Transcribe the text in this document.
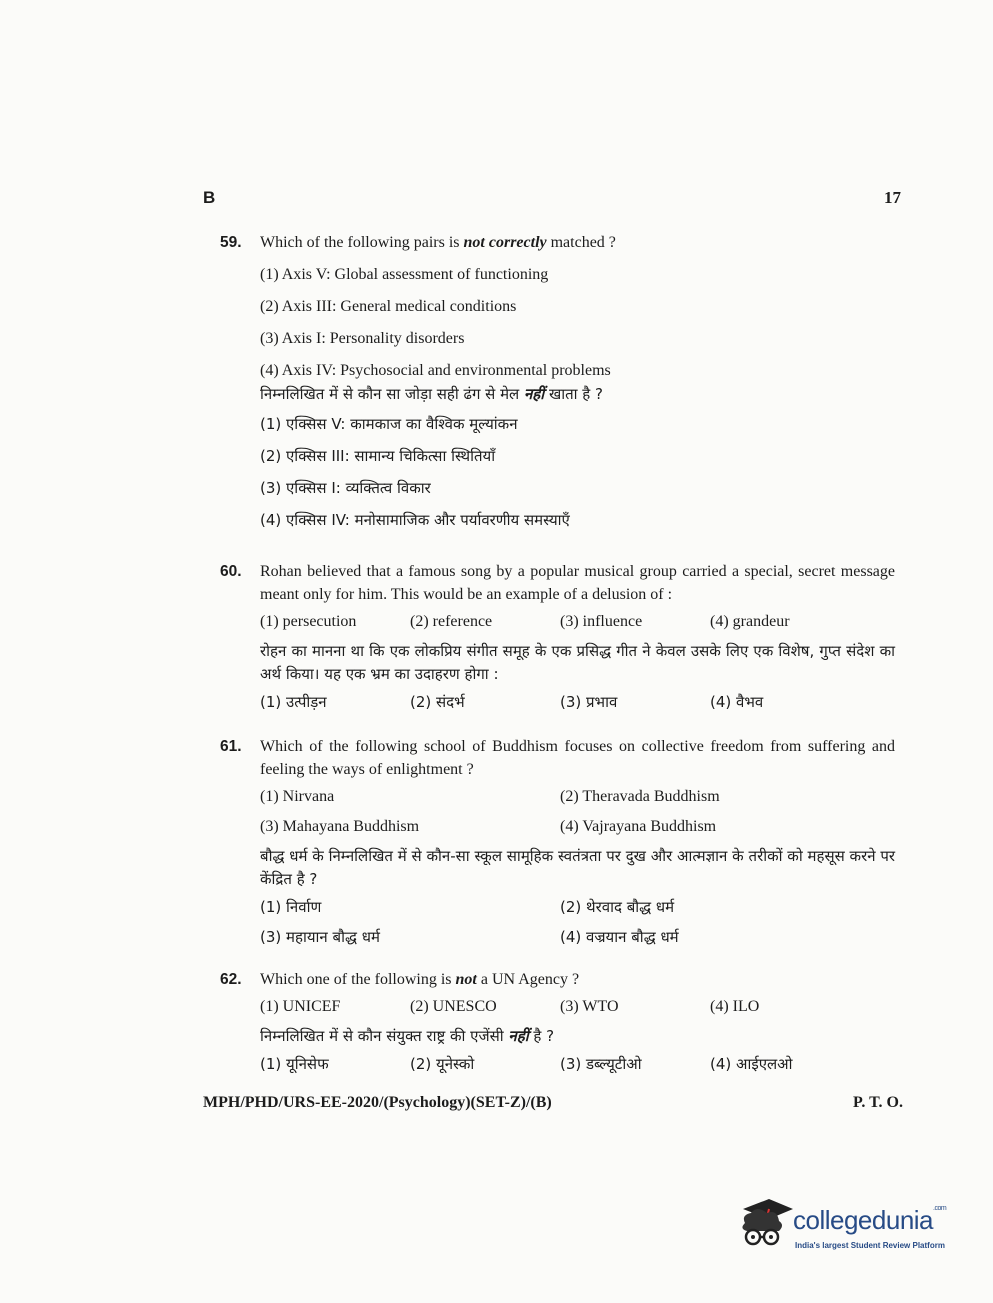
B	17
59. Which of the following pairs is not correctly matched ?

(1) Axis V: Global assessment of functioning
(2) Axis III: General medical conditions
(3) Axis I: Personality disorders
(4) Axis IV: Psychosocial and environmental problems

निम्नलिखित में से कौन सा जोड़ा सही ढंग से मेल नहीं खाता है ?

(1) एक्सिस V: कामकाज का वैश्विक मूल्यांकन
(2) एक्सिस III: सामान्य चिकित्सा स्थितियाँ
(3) एक्सिस I: व्यक्तित्व विकार
(4) एक्सिस IV: मनोसामाजिक और पर्यावरणीय समस्याएँ
60. Rohan believed that a famous song by a popular musical group carried a special, secret message meant only for him. This would be an example of a delusion of :

(1) persecution	(2) reference	(3) influence	(4) grandeur

रोहन का मानना था कि एक लोकप्रिय संगीत समूह के एक प्रसिद्ध गीत ने केवल उसके लिए एक विशेष, गुप्त संदेश का अर्थ किया। यह एक भ्रम का उदाहरण होगा :

(1) उत्पीड़न	(2) संदर्भ	(3) प्रभाव	(4) वैभव
61. Which of the following school of Buddhism focuses on collective freedom from suffering and feeling the ways of enlightment ?

(1) Nirvana	(2) Theravada Buddhism
(3) Mahayana Buddhism	(4) Vajrayana Buddhism

बौद्ध धर्म के निम्नलिखित में से कौन-सा स्कूल सामूहिक स्वतंत्रता पर दुख और आत्मज्ञान के तरीकों को महसूस करने पर केंद्रित है ?

(1) निर्वाण	(2) थेरवाद बौद्ध धर्म
(3) महायान बौद्ध धर्म	(4) वज्रयान बौद्ध धर्म
62. Which one of the following is not a UN Agency ?

(1) UNICEF	(2) UNESCO	(3) WTO	(4) ILO

निम्नलिखित में से कौन संयुक्त राष्ट्र की एजेंसी नहीं है ?

(1) यूनिसेफ	(2) यूनेस्को	(3) डब्ल्यूटीओ	(4) आईएलओ
MPH/PHD/URS-EE-2020/(Psychology)(SET-Z)/(B)	P. T. O.
collegedunia$^{.com}$
India's largest Student Review Platform
